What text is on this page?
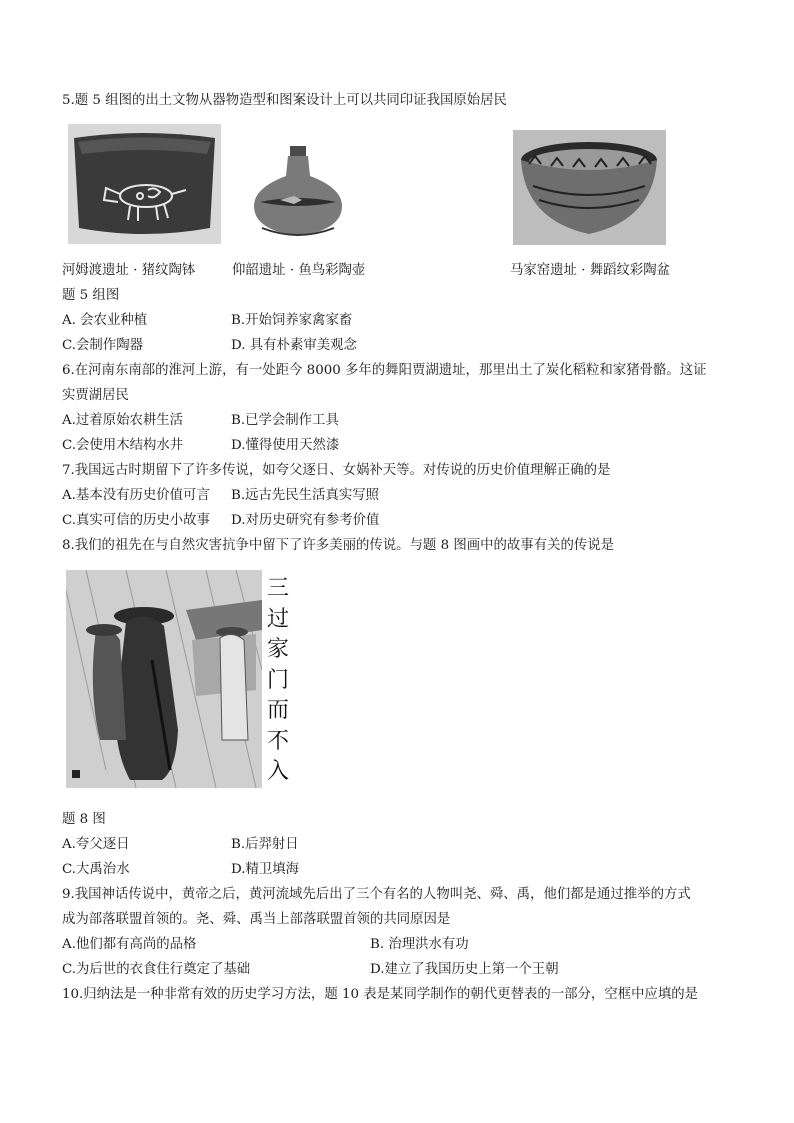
5.题 5 组图的出土文物从器物造型和图案设计上可以共同印证我国原始居民
河姆渡遗址 · 猪纹陶钵	仰韶遗址 · 鱼鸟彩陶壶	马家窑遗址 · 舞蹈纹彩陶盆
题 5 组图
A. 会农业种植	B.开始饲养家禽家畜
C.会制作陶器	D. 具有朴素审美观念
6.在河南东南部的淮河上游，有一处距今 8000 多年的舞阳贾湖遗址，那里出土了炭化稻粒和家猪骨骼。这证
实贾湖居民
A.过着原始农耕生活	B.已学会制作工具
C.会使用木结构水井	D.懂得使用天然漆
7.我国远古时期留下了许多传说，如夸父逐日、女娲补天等。对传说的历史价值理解正确的是
A.基本没有历史价值可言 B.远古先民生活真实写照
C.真实可信的历史小故事 D.对历史研究有参考价值
8.我们的祖先在与自然灾害抗争中留下了许多美丽的传说。与题 8 图画中的故事有关的传说是
三
过
家
门
而
不
入
题 8 图
A.夸父逐日	B.后羿射日
C.大禹治水	D.精卫填海
9.我国神话传说中，黄帝之后，黄河流域先后出了三个有名的人物叫尧、舜、禹，他们都是通过推举的方式
成为部落联盟首领的。尧、舜、禹当上部落联盟首领的共同原因是
A.他们都有高尚的品格	B. 治理洪水有功
C.为后世的衣食住行奠定了基础	D.建立了我国历史上第一个王朝
10.归纳法是一种非常有效的历史学习方法，题 10 表是某同学制作的朝代更替表的一部分，空框中应填的是
